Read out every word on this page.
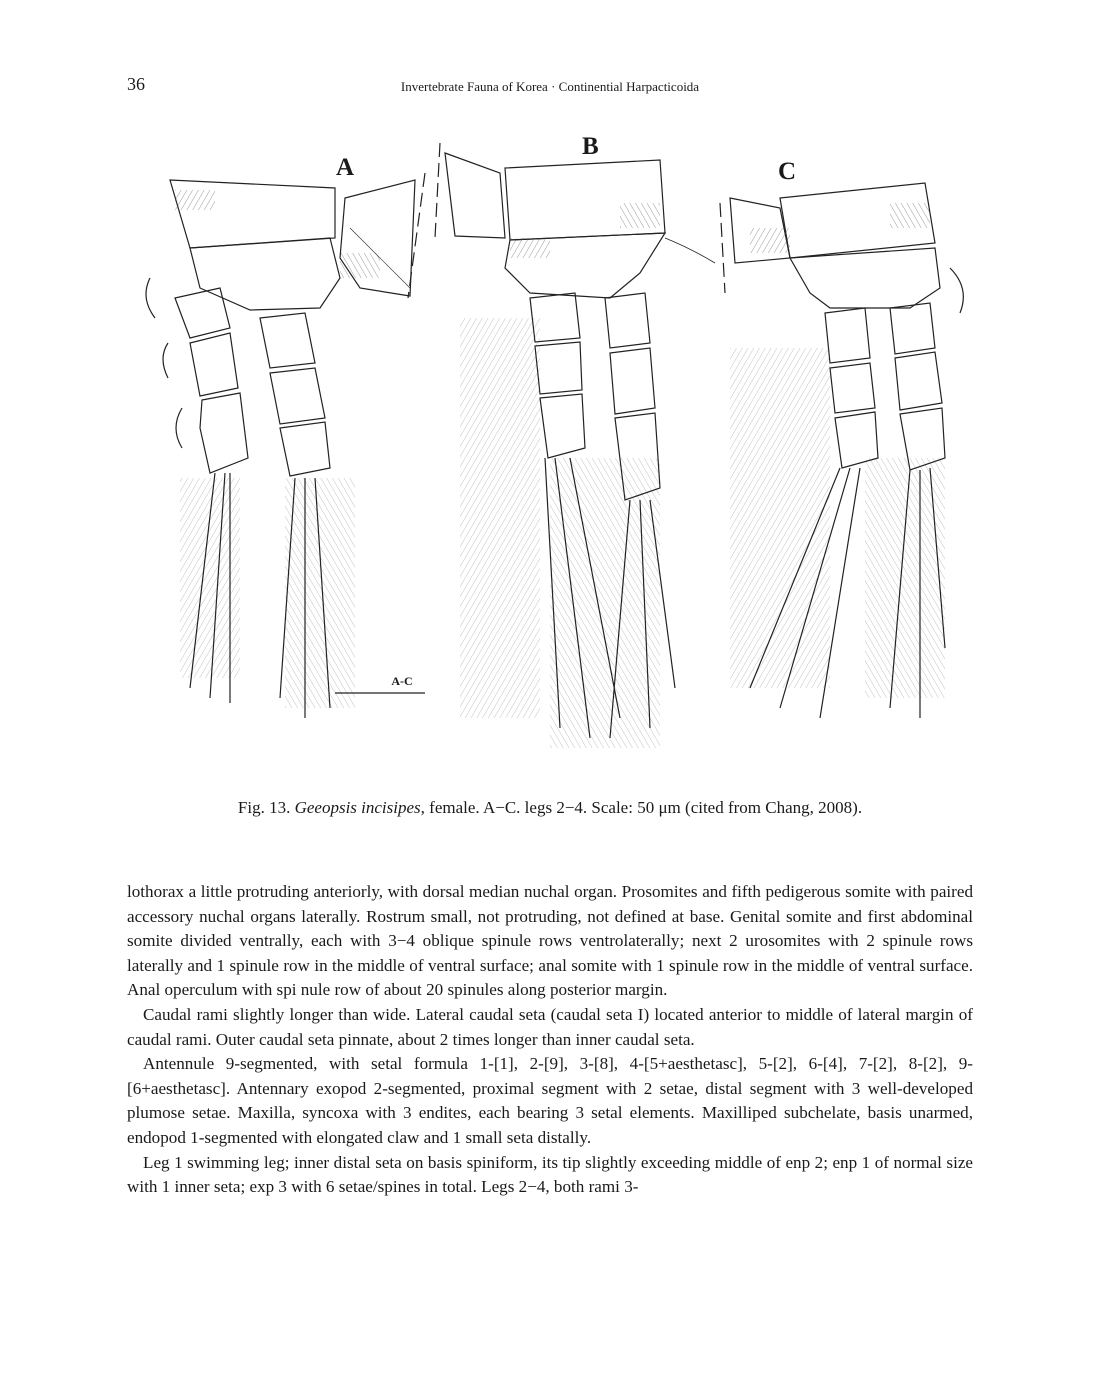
36	Invertebrate Fauna of Korea · Continential Harpacticoida
A
B
C
A-C
Fig. 13. Geeopsis incisipes, female. A−C. legs 2−4. Scale: 50 μm (cited from Chang, 2008).

lothorax a little protruding anteriorly, with dorsal median nuchal organ. Prosomites and fifth pedigerous somite with paired accessory nuchal organs laterally. Rostrum small, not protruding, not defined at base. Genital somite and first abdominal somite divided ventrally, each with 3−4 oblique spinule rows ventrolaterally; next 2 urosomites with 2 spinule rows laterally and 1 spinule row in the middle of ventral surface; anal somite with 1 spinule row in the middle of ventral surface. Anal operculum with spi nule row of about 20 spinules along posterior margin.

Caudal rami slightly longer than wide. Lateral caudal seta (caudal seta I) located anterior to middle of lateral margin of caudal rami. Outer caudal seta pinnate, about 2 times longer than inner caudal seta.

Antennule 9-segmented, with setal formula 1-[1], 2-[9], 3-[8], 4-[5+aesthetasc], 5-[2], 6-[4], 7-[2], 8-[2], 9-[6+aesthetasc]. Antennary exopod 2-segmented, proximal segment with 2 setae, distal segment with 3 well-developed plumose setae. Maxilla, syncoxa with 3 endites, each bearing 3 setal elements. Maxilliped subchelate, basis unarmed, endopod 1-segmented with elongated claw and 1 small seta distally.

Leg 1 swimming leg; inner distal seta on basis spiniform, its tip slightly exceeding middle of enp 2; enp 1 of normal size with 1 inner seta; exp 3 with 6 setae/spines in total. Legs 2−4, both rami 3-
